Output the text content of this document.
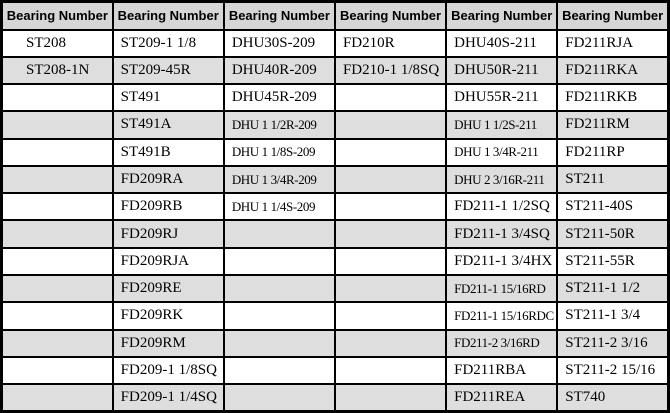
Bearing Number	Bearing Number	Bearing Number	Bearing Number	Bearing Number	Bearing Number
ST208	ST209-1 1/8	DHU30S-209	FD210R	DHU40S-211	FD211RJA
ST208-1N	ST209-45R	DHU40R-209	FD210-1 1/8SQ	DHU50R-211	FD211RKA
	ST491	DHU45R-209		DHU55R-211	FD211RKB
	ST491A	DHU 1 1/2R-209		DHU 1 1/2S-211	FD211RM
	ST491B	DHU 1 1/8S-209		DHU 1 3/4R-211	FD211RP
	FD209RA	DHU 1 3/4R-209		DHU 2 3/16R-211	ST211
	FD209RB	DHU 1 1/4S-209		FD211-1 1/2SQ	ST211-40S
	FD209RJ			FD211-1 3/4SQ	ST211-50R
	FD209RJA			FD211-1 3/4HX	ST211-55R
	FD209RE			FD211-1 15/16RD	ST211-1 1/2
	FD209RK			FD211-1 15/16RDC	ST211-1 3/4
	FD209RM			FD211-2 3/16RD	ST211-2 3/16
	FD209-1 1/8SQ			FD211RBA	ST211-2 15/16
	FD209-1 1/4SQ			FD211REA	ST740
